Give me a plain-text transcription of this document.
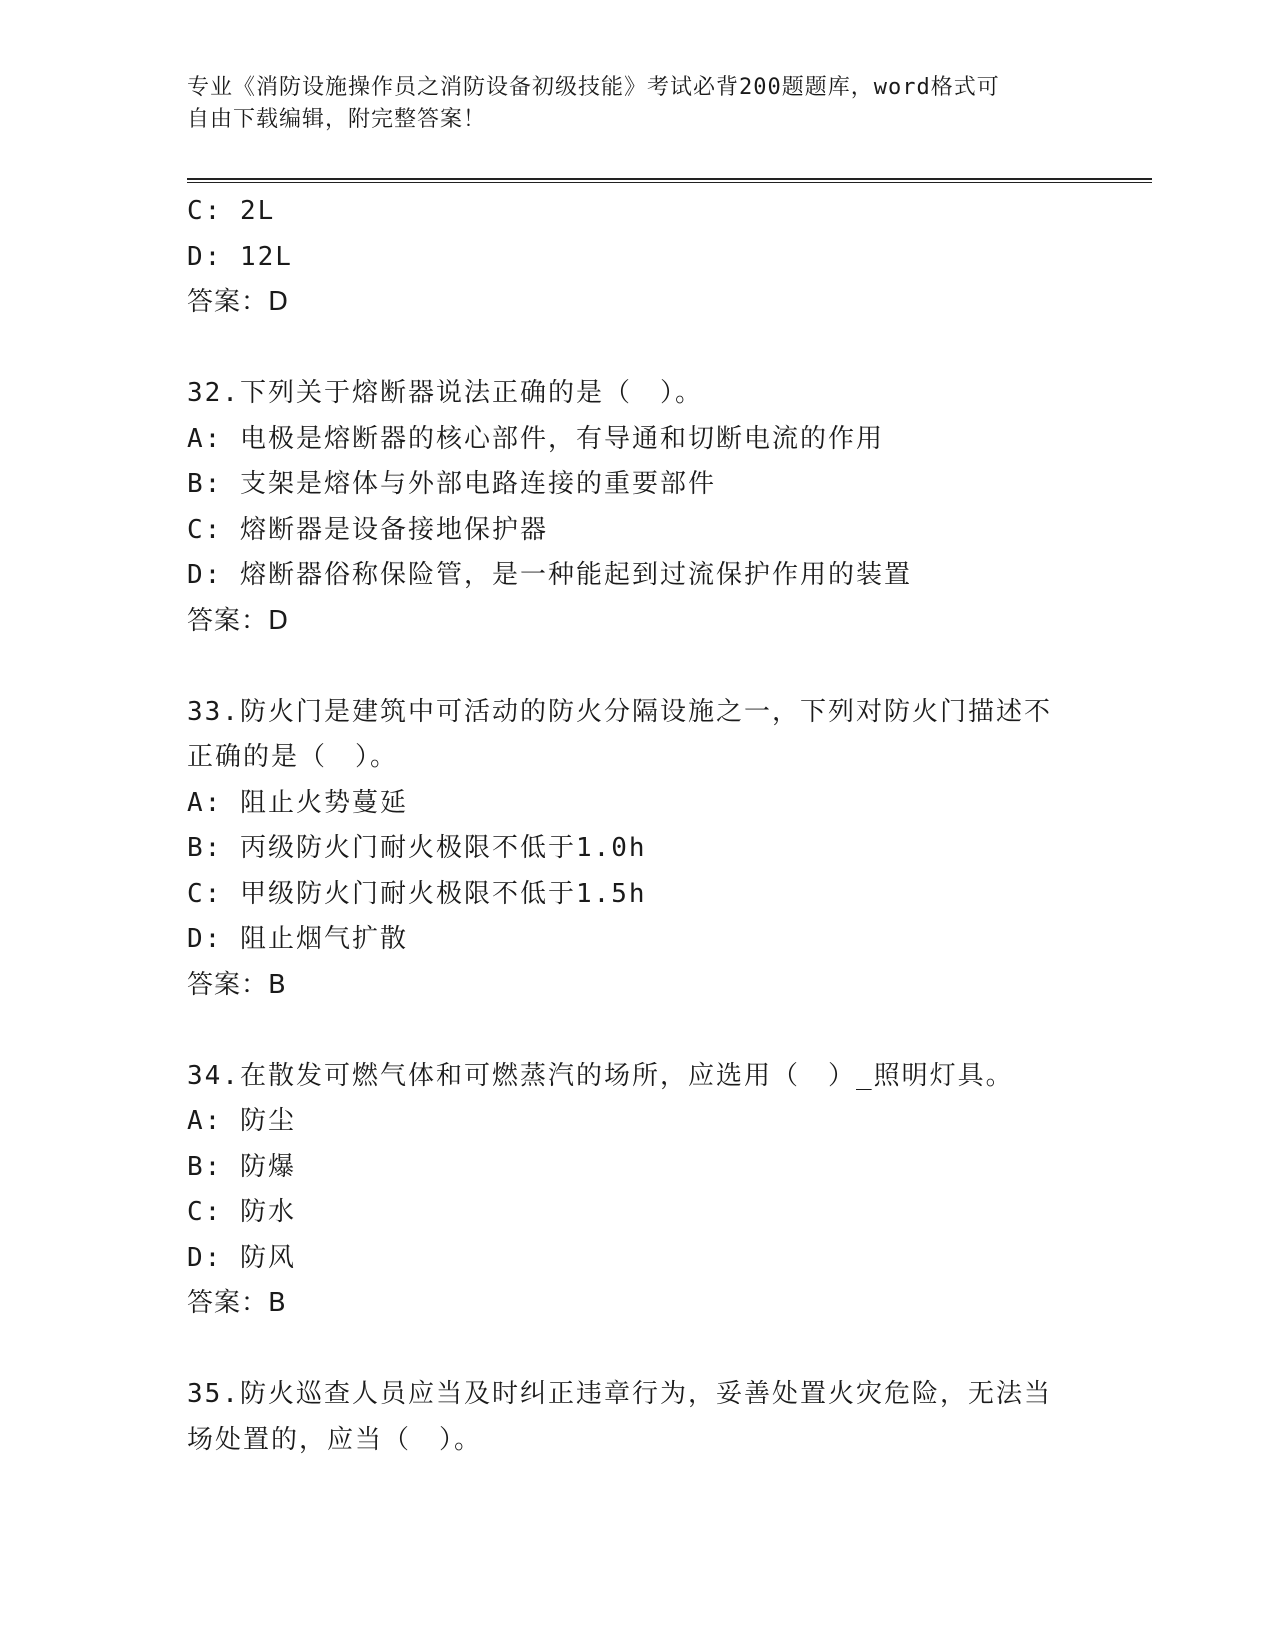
专业《消防设施操作员之消防设备初级技能》考试必背200题题库，word格式可
自由下载编辑，附完整答案！
C: 2L
D: 12L
答案：D
32.下列关于熔断器说法正确的是（　）。
A: 电极是熔断器的核心部件，有导通和切断电流的作用
B: 支架是熔体与外部电路连接的重要部件
C: 熔断器是设备接地保护器
D: 熔断器俗称保险管，是一种能起到过流保护作用的装置
答案：D
33.防火门是建筑中可活动的防火分隔设施之一，下列对防火门描述不
正确的是（　）。
A: 阻止火势蔓延
B: 丙级防火门耐火极限不低于1.0h
C: 甲级防火门耐火极限不低于1.5h
D: 阻止烟气扩散
答案：B
34.在散发可燃气体和可燃蒸汽的场所，应选用（　）_照明灯具。
A: 防尘
B: 防爆
C: 防水
D: 防风
答案：B
35.防火巡查人员应当及时纠正违章行为，妥善处置火灾危险，无法当
场处置的，应当（　）。
